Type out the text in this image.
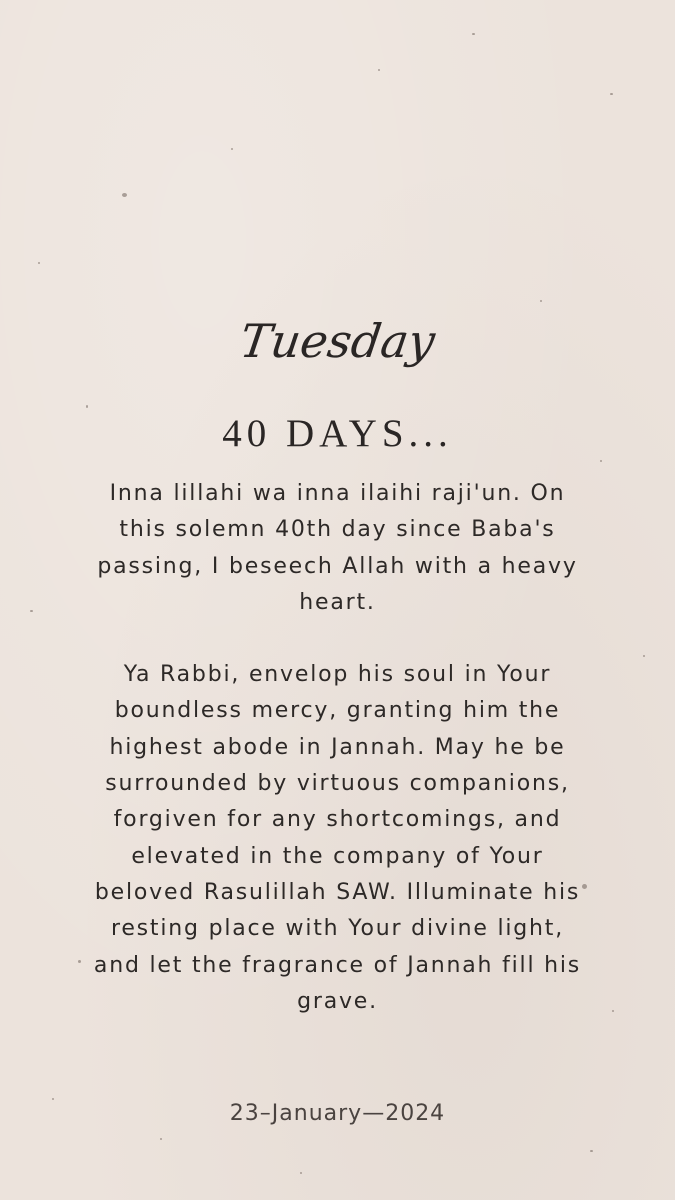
Tuesday
40 DAYS...

Inna lillahi wa inna ilaihi raji'un. On this solemn 40th day since Baba's passing, I beseech Allah with a heavy heart.

Ya Rabbi, envelop his soul in Your boundless mercy, granting him the highest abode in Jannah. May he be surrounded by virtuous companions, forgiven for any shortcomings, and elevated in the company of Your beloved Rasulillah SAW. Illuminate his resting place with Your divine light, and let the fragrance of Jannah fill his grave.

23–January—2024
